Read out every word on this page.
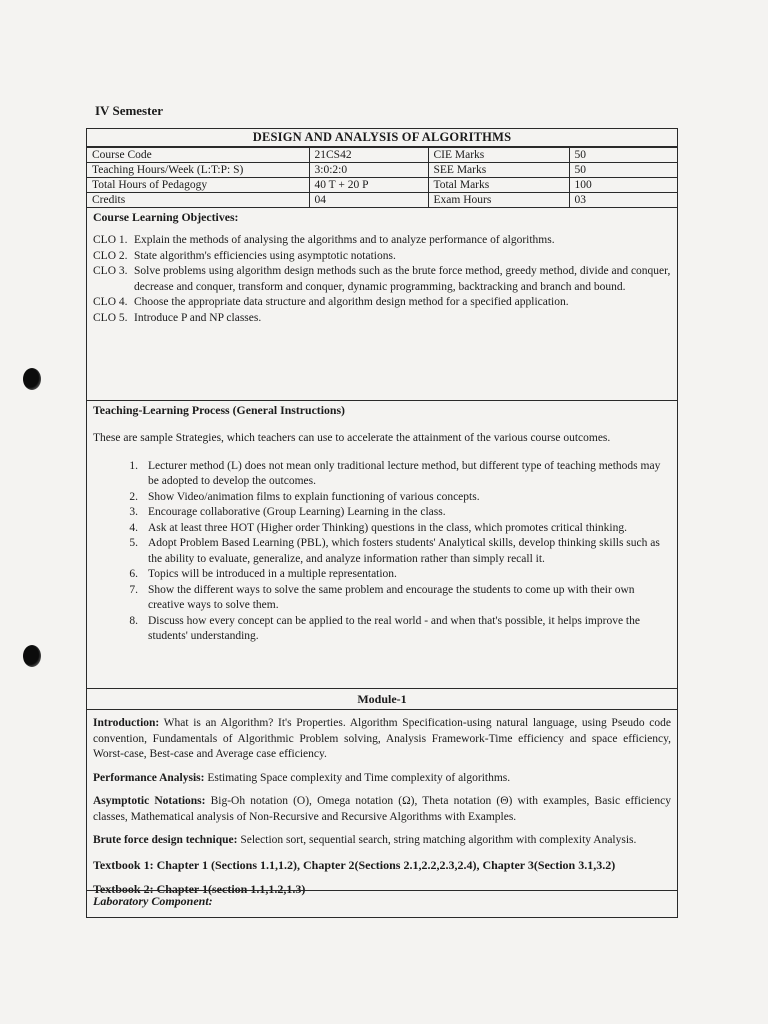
IV Semester
DESIGN AND ANALYSIS OF ALGORITHMS
Course Code	21CS42	CIE Marks	50
Teaching Hours/Week (L:T:P: S)	3:0:2:0	SEE Marks	50
Total Hours of Pedagogy	40 T + 20 P	Total Marks	100
Credits	04	Exam Hours	03
Course Learning Objectives:
CLO 1. Explain the methods of analysing the algorithms and to analyze performance of algorithms.
CLO 2. State algorithm's efficiencies using asymptotic notations.
CLO 3. Solve problems using algorithm design methods such as the brute force method, greedy method, divide and conquer, decrease and conquer, transform and conquer, dynamic programming, backtracking and branch and bound.
CLO 4. Choose the appropriate data structure and algorithm design method for a specified application.
CLO 5. Introduce P and NP classes.
Teaching-Learning Process (General Instructions)

These are sample Strategies, which teachers can use to accelerate the attainment of the various course outcomes.

1. Lecturer method (L) does not mean only traditional lecture method, but different type of teaching methods may be adopted to develop the outcomes.
2. Show Video/animation films to explain functioning of various concepts.
3. Encourage collaborative (Group Learning) Learning in the class.
4. Ask at least three HOT (Higher order Thinking) questions in the class, which promotes critical thinking.
5. Adopt Problem Based Learning (PBL), which fosters students' Analytical skills, develop thinking skills such as the ability to evaluate, generalize, and analyze information rather than simply recall it.
6. Topics will be introduced in a multiple representation.
7. Show the different ways to solve the same problem and encourage the students to come up with their own creative ways to solve them.
8. Discuss how every concept can be applied to the real world - and when that's possible, it helps improve the students' understanding.
Module-1
Introduction: What is an Algorithm? It's Properties. Algorithm Specification-using natural language, using Pseudo code convention, Fundamentals of Algorithmic Problem solving, Analysis Framework-Time efficiency and space efficiency, Worst-case, Best-case and Average case efficiency.
Performance Analysis: Estimating Space complexity and Time complexity of algorithms.
Asymptotic Notations: Big-Oh notation (O), Omega notation (Ω), Theta notation (Θ) with examples, Basic efficiency classes, Mathematical analysis of Non-Recursive and Recursive Algorithms with Examples.
Brute force design technique: Selection sort, sequential search, string matching algorithm with complexity Analysis.
Textbook 1: Chapter 1 (Sections 1.1,1.2), Chapter 2(Sections 2.1,2.2,2.3,2.4), Chapter 3(Section 3.1,3.2)
Textbook 2: Chapter 1(section 1.1,1.2,1.3)
Laboratory Component:
